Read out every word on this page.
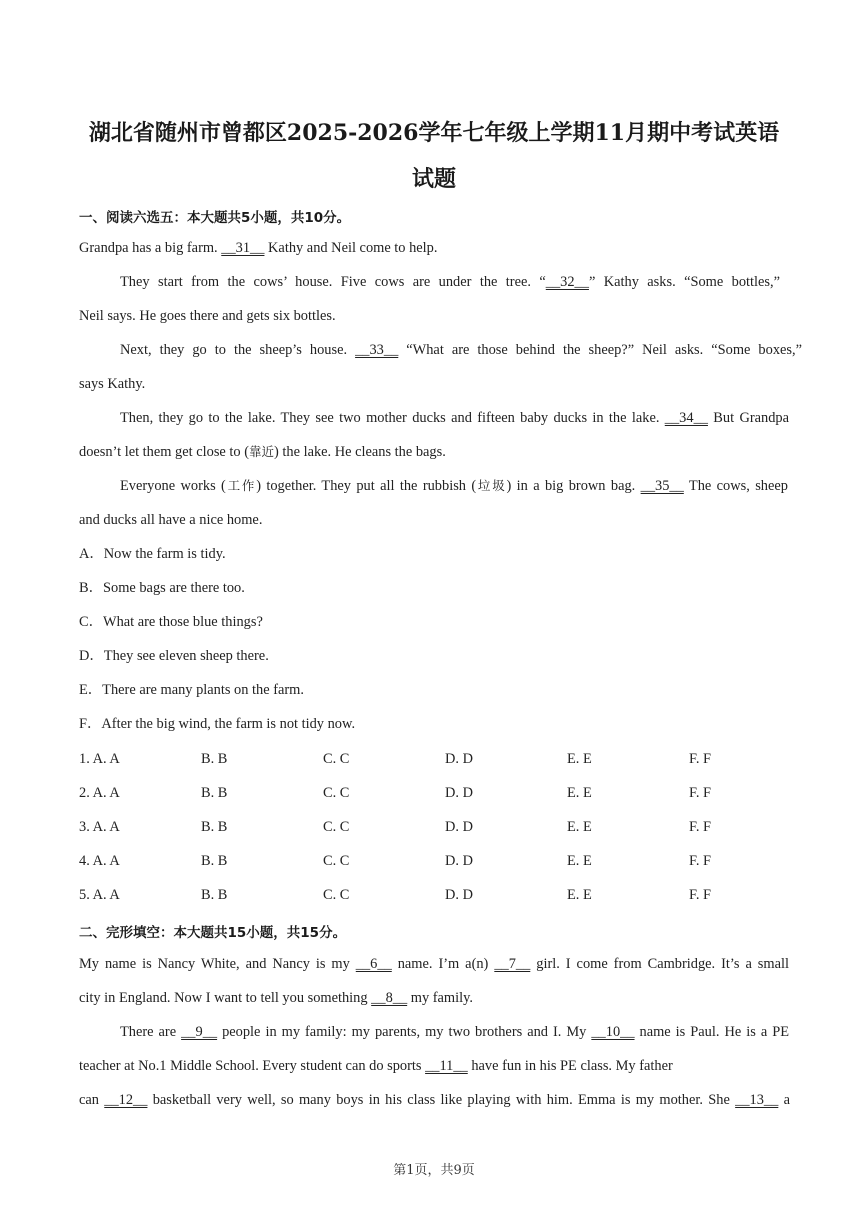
湖北省随州市曾都区2025-2026学年七年级上学期11月期中考试英语
试题
一、阅读六选五：本大题共5小题，共10分。
Grandpa has a big farm. __31__ Kathy and Neil come to help.
They start from the cows’ house. Five cows are under the tree. “__32__” Kathy asks. “Some bottles,”
Neil says. He goes there and gets six bottles.
Next, they go to the sheep’s house. __33__ “What are those behind the sheep?” Neil asks. “Some boxes,”
says Kathy.
Then, they go to the lake. They see two mother ducks and fifteen baby ducks in the lake. __34__ But Grandpa
doesn’t let them get close to (靠近) the lake. He cleans the bags.
Everyone works (工作) together. They put all the rubbish (垃圾) in a big brown bag. __35__ The cows, sheep
and ducks all have a nice home.
A．Now the farm is tidy.
B．Some bags are there too.
C．What are those blue things?
D．They see eleven sheep there.
E．There are many plants on the farm.
F．After the big wind, the farm is not tidy now.
1. A. A	B. B	C. C	D. D	E. E	F. F
2. A. A	B. B	C. C	D. D	E. E	F. F
3. A. A	B. B	C. C	D. D	E. E	F. F
4. A. A	B. B	C. C	D. D	E. E	F. F
5. A. A	B. B	C. C	D. D	E. E	F. F
二、完形填空：本大题共15小题，共15分。
My name is Nancy White, and Nancy is my __6__ name. I’m a(n) __7__ girl. I come from Cambridge. It’s a small
city in England. Now I want to tell you something __8__ my family.
There are __9__ people in my family: my parents, my two brothers and I. My __10__ name is Paul. He is a PE
teacher at No.1 Middle School. Every student can do sports __11__ have fun in his PE class. My father
can __12__ basketball very well, so many boys in his class like playing with him. Emma is my mother. She __13__ a
第1页，共9页
